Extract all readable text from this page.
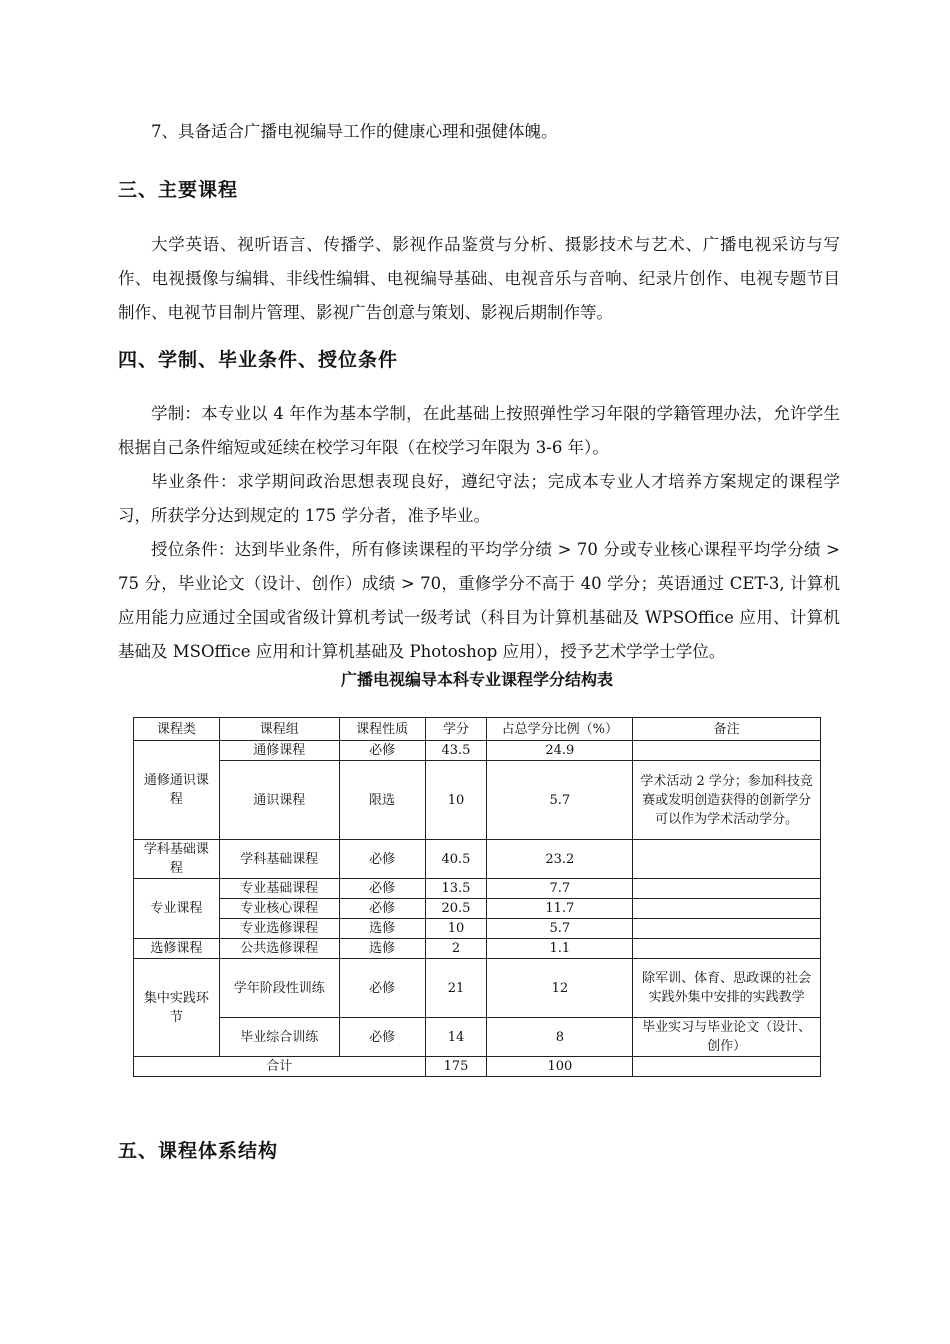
7、具备适合广播电视编导工作的健康心理和强健体魄。

三、主要课程

大学英语、视听语言、传播学、影视作品鉴赏与分析、摄影技术与艺术、广播电视采访与写作、电视摄像与编辑、非线性编辑、电视编导基础、电视音乐与音响、纪录片创作、电视专题节目制作、电视节目制片管理、影视广告创意与策划、影视后期制作等。

四、学制、毕业条件、授位条件

学制：本专业以 4 年作为基本学制，在此基础上按照弹性学习年限的学籍管理办法，允许学生根据自己条件缩短或延续在校学习年限（在校学习年限为 3-6 年）。

毕业条件：求学期间政治思想表现良好，遵纪守法；完成本专业人才培养方案规定的课程学习，所获学分达到规定的 175 学分者，准予毕业。

授位条件：达到毕业条件，所有修读课程的平均学分绩 > 70 分或专业核心课程平均学分绩 > 75 分，毕业论文（设计、创作）成绩 > 70，重修学分不高于 40 学分；英语通过 CET-3, 计算机应用能力应通过全国或省级计算机考试一级考试（科目为计算机基础及 WPSOffice 应用、计算机基础及 MSOffice 应用和计算机基础及 Photoshop 应用），授予艺术学学士学位。

广播电视编导本科专业课程学分结构表
课程类	课程组	课程性质	学分	占总学分比例（%）	备注
通修通识课程	通修课程	必修	43.5	24.9	
	通识课程	限选	10	5.7	学术活动 2 学分；参加科技竞赛或发明创造获得的创新学分可以作为学术活动学分。
学科基础课程	学科基础课程	必修	40.5	23.2	
专业课程	专业基础课程	必修	13.5	7.7	
	专业核心课程	必修	20.5	11.7	
	专业选修课程	选修	10	5.7	
选修课程	公共选修课程	选修	2	1.1	
集中实践环节	学年阶段性训练	必修	21	12	除军训、体育、思政课的社会实践外集中安排的实践教学
	毕业综合训练	必修	14	8	毕业实习与毕业论文（设计、创作）
合计			175	100	
五、课程体系结构
